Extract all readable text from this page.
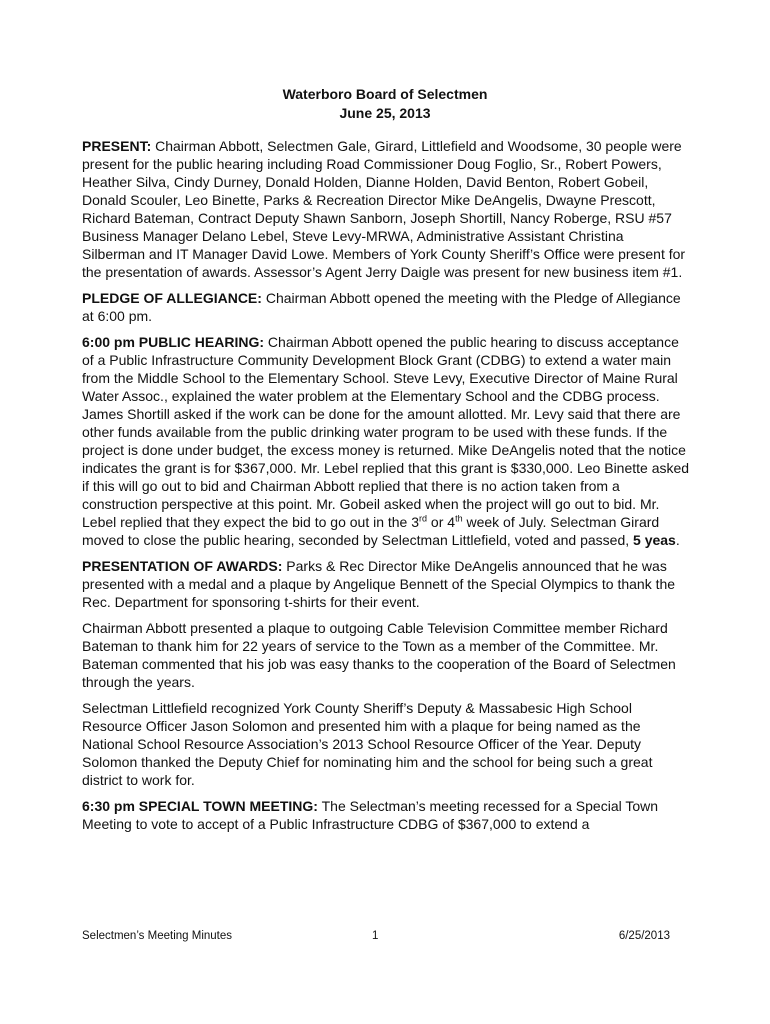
Waterboro Board of Selectmen
June 25, 2013

PRESENT: Chairman Abbott, Selectmen Gale, Girard, Littlefield and Woodsome, 30 people were present for the public hearing including Road Commissioner Doug Foglio, Sr., Robert Powers, Heather Silva, Cindy Durney, Donald Holden, Dianne Holden, David Benton, Robert Gobeil, Donald Scouler, Leo Binette, Parks & Recreation Director Mike DeAngelis, Dwayne Prescott, Richard Bateman, Contract Deputy Shawn Sanborn, Joseph Shortill, Nancy Roberge, RSU #57 Business Manager Delano Lebel, Steve Levy-MRWA, Administrative Assistant Christina Silberman and IT Manager David Lowe. Members of York County Sheriff’s Office were present for the presentation of awards. Assessor’s Agent Jerry Daigle was present for new business item #1.

PLEDGE OF ALLEGIANCE: Chairman Abbott opened the meeting with the Pledge of Allegiance at 6:00 pm.

6:00 pm PUBLIC HEARING: Chairman Abbott opened the public hearing to discuss acceptance of a Public Infrastructure Community Development Block Grant (CDBG) to extend a water main from the Middle School to the Elementary School. Steve Levy, Executive Director of Maine Rural Water Assoc., explained the water problem at the Elementary School and the CDBG process. James Shortill asked if the work can be done for the amount allotted. Mr. Levy said that there are other funds available from the public drinking water program to be used with these funds. If the project is done under budget, the excess money is returned. Mike DeAngelis noted that the notice indicates the grant is for $367,000. Mr. Lebel replied that this grant is $330,000. Leo Binette asked if this will go out to bid and Chairman Abbott replied that there is no action taken from a construction perspective at this point. Mr. Gobeil asked when the project will go out to bid. Mr. Lebel replied that they expect the bid to go out in the 3rd or 4th week of July. Selectman Girard moved to close the public hearing, seconded by Selectman Littlefield, voted and passed, 5 yeas.

PRESENTATION OF AWARDS: Parks & Rec Director Mike DeAngelis announced that he was presented with a medal and a plaque by Angelique Bennett of the Special Olympics to thank the Rec. Department for sponsoring t-shirts for their event.

Chairman Abbott presented a plaque to outgoing Cable Television Committee member Richard Bateman to thank him for 22 years of service to the Town as a member of the Committee. Mr. Bateman commented that his job was easy thanks to the cooperation of the Board of Selectmen through the years.

Selectman Littlefield recognized York County Sheriff’s Deputy & Massabesic High School Resource Officer Jason Solomon and presented him with a plaque for being named as the National School Resource Association’s 2013 School Resource Officer of the Year. Deputy Solomon thanked the Deputy Chief for nominating him and the school for being such a great district to work for.

6:30 pm SPECIAL TOWN MEETING: The Selectman’s meeting recessed for a Special Town Meeting to vote to accept of a Public Infrastructure CDBG of $367,000 to extend a

Selectmen’s Meeting Minutes	1	6/25/2013
